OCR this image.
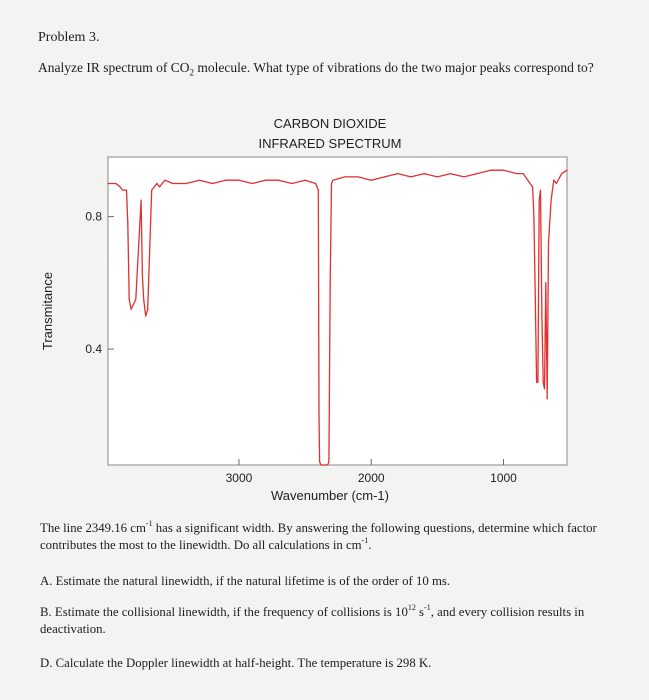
Problem 3.
Analyze IR spectrum of $CO_2$ molecule. What type of vibrations do the two major peaks correspond to?
CARBON DIOXIDE
INFRARED SPECTRUM
0.8
0.4
3000	2000	1000
Wavenumber (cm-1)
Transmitance
The line 2349.16 $cm^{-1}$ has a significant width. By answering the following questions, determine which factor contributes the most to the linewidth. Do all calculations in $cm^{-1}$.
A. Estimate the natural linewidth, if the natural lifetime is of the order of 10 ms.
B. Estimate the collisional linewidth, if the frequency of collisions is $10^{12}$ $s^{-1}$, and every collision results in deactivation.
D. Calculate the Doppler linewidth at half-height. The temperature is 298 K.
